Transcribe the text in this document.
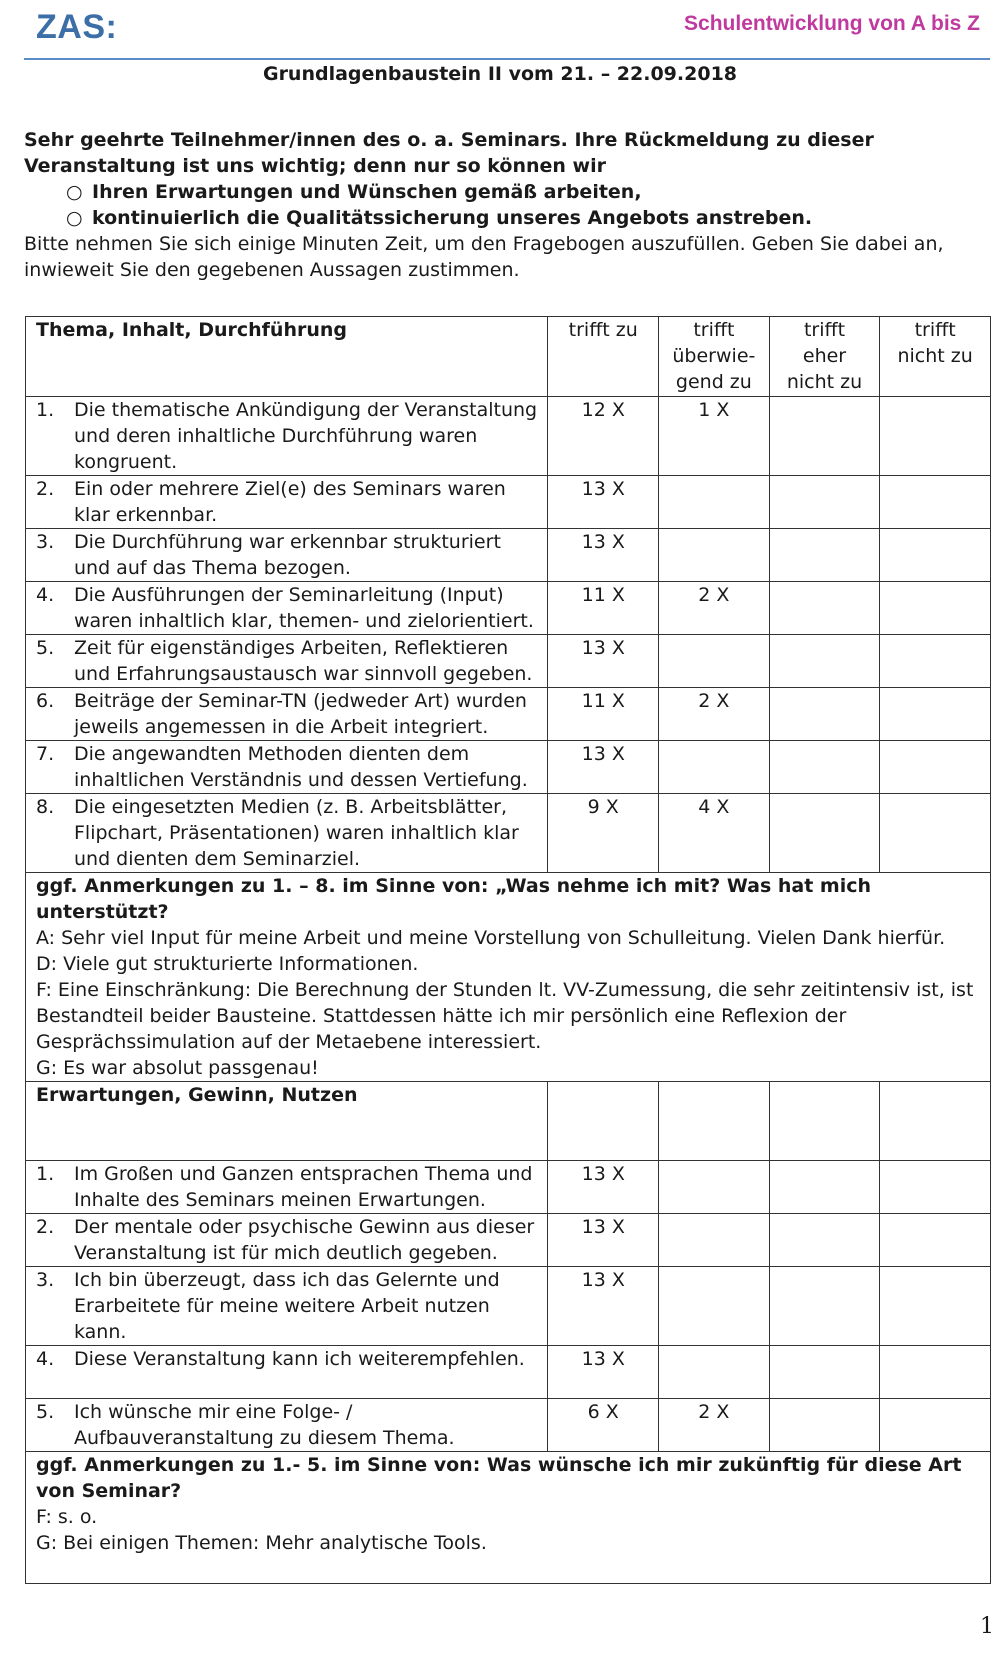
ZAS:	Schulentwicklung von A bis Z
Grundlagenbaustein II vom 21. – 22.09.2018
Sehr geehrte Teilnehmer/innen des o. a. Seminars. Ihre Rückmeldung zu dieser Veranstaltung ist uns wichtig; denn nur so können wir
○ Ihren Erwartungen und Wünschen gemäß arbeiten,
○ kontinuierlich die Qualitätssicherung unseres Angebots anstreben.
Bitte nehmen Sie sich einige Minuten Zeit, um den Fragebogen auszufüllen. Geben Sie dabei an, inwieweit Sie den gegebenen Aussagen zustimmen.
Thema, Inhalt, Durchführung	trifft zu	trifft überwie-gend zu	trifft eher nicht zu	trifft nicht zu

1. Die thematische Ankündigung der Veranstaltung und deren inhaltliche Durchführung waren kongruent.	12 X	1 X		

2. Ein oder mehrere Ziel(e) des Seminars waren klar erkennbar.	13 X			

3. Die Durchführung war erkennbar strukturiert und auf das Thema bezogen.	13 X			

4. Die Ausführungen der Seminarleitung (Input) waren inhaltlich klar, themen- und zielorientiert.	11 X	2 X		

5. Zeit für eigenständiges Arbeiten, Reflektieren und Erfahrungsaustausch war sinnvoll gegeben.	13 X			

6. Beiträge der Seminar-TN (jedweder Art) wurden jeweils angemessen in die Arbeit integriert.	11 X	2 X		

7. Die angewandten Methoden dienten dem inhaltlichen Verständnis und dessen Vertiefung.	13 X			

8. Die eingesetzten Medien (z. B. Arbeitsblätter, Flipchart, Präsentationen) waren inhaltlich klar und dienten dem Seminarziel.	9 X	4 X		

ggf. Anmerkungen zu 1. – 8. im Sinne von: „Was nehme ich mit? Was hat mich unterstützt?
A: Sehr viel Input für meine Arbeit und meine Vorstellung von Schulleitung. Vielen Dank hierfür.
D: Viele gut strukturierte Informationen.
F: Eine Einschränkung: Die Berechnung der Stunden lt. VV-Zumessung, die sehr zeitintensiv ist, ist Bestandteil beider Bausteine. Stattdessen hätte ich mir persönlich eine Reflexion der Gesprächssimulation auf der Metaebene interessiert.
G: Es war absolut passgenau!				

Erwartungen, Gewinn, Nutzen				

1. Im Großen und Ganzen entsprachen Thema und Inhalte des Seminars meinen Erwartungen.	13 X			

2. Der mentale oder psychische Gewinn aus dieser Veranstaltung ist für mich deutlich gegeben.	13 X			

3. Ich bin überzeugt, dass ich das Gelernte und Erarbeitete für meine weitere Arbeit nutzen kann.	13 X			

4. Diese Veranstaltung kann ich weiterempfehlen.	13 X			

5. Ich wünsche mir eine Folge- / Aufbauveranstaltung zu diesem Thema.	6 X	2 X		

ggf. Anmerkungen zu 1.- 5. im Sinne von: Was wünsche ich mir zukünftig für diese Art von Seminar?
F: s. o.
G: Bei einigen Themen: Mehr analytische Tools.				
1
